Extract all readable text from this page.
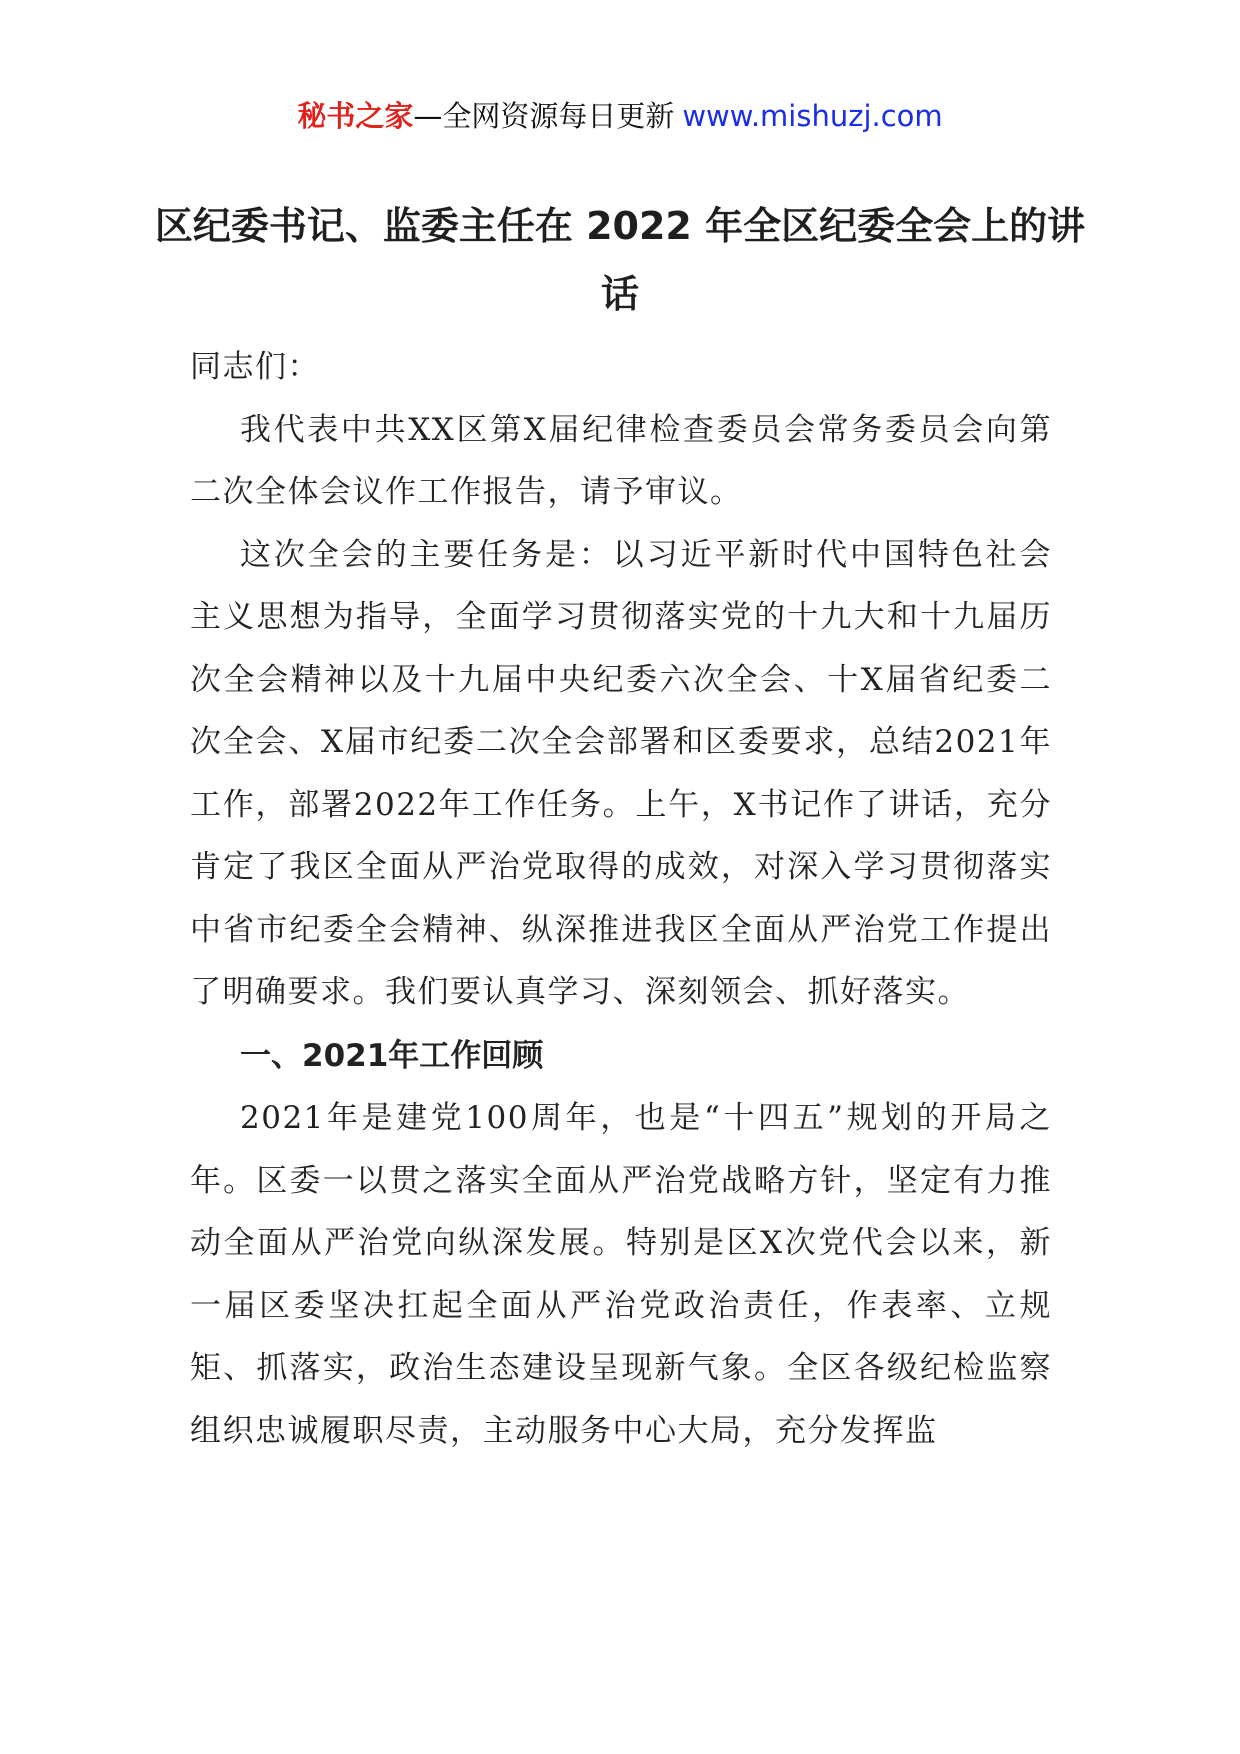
秘书之家—全网资源每日更新 www.mishuzj.com
区纪委书记、监委主任在 2022 年全区纪委全会上的讲话

同志们：

我代表中共XX区第X届纪律检查委员会常务委员会向第二次全体会议作工作报告，请予审议。

这次全会的主要任务是：以习近平新时代中国特色社会主义思想为指导，全面学习贯彻落实党的十九大和十九届历次全会精神以及十九届中央纪委六次全会、十X届省纪委二次全会、X届市纪委二次全会部署和区委要求，总结2021年工作，部署2022年工作任务。上午，X书记作了讲话，充分肯定了我区全面从严治党取得的成效，对深入学习贯彻落实中省市纪委全会精神、纵深推进我区全面从严治党工作提出了明确要求。我们要认真学习、深刻领会、抓好落实。

一、2021年工作回顾

2021年是建党100周年，也是“十四五”规划的开局之年。区委一以贯之落实全面从严治党战略方针，坚定有力推动全面从严治党向纵深发展。特别是区X次党代会以来，新一届区委坚决扛起全面从严治党政治责任，作表率、立规矩、抓落实，政治生态建设呈现新气象。全区各级纪检监察组织忠诚履职尽责，主动服务中心大局，充分发挥监
